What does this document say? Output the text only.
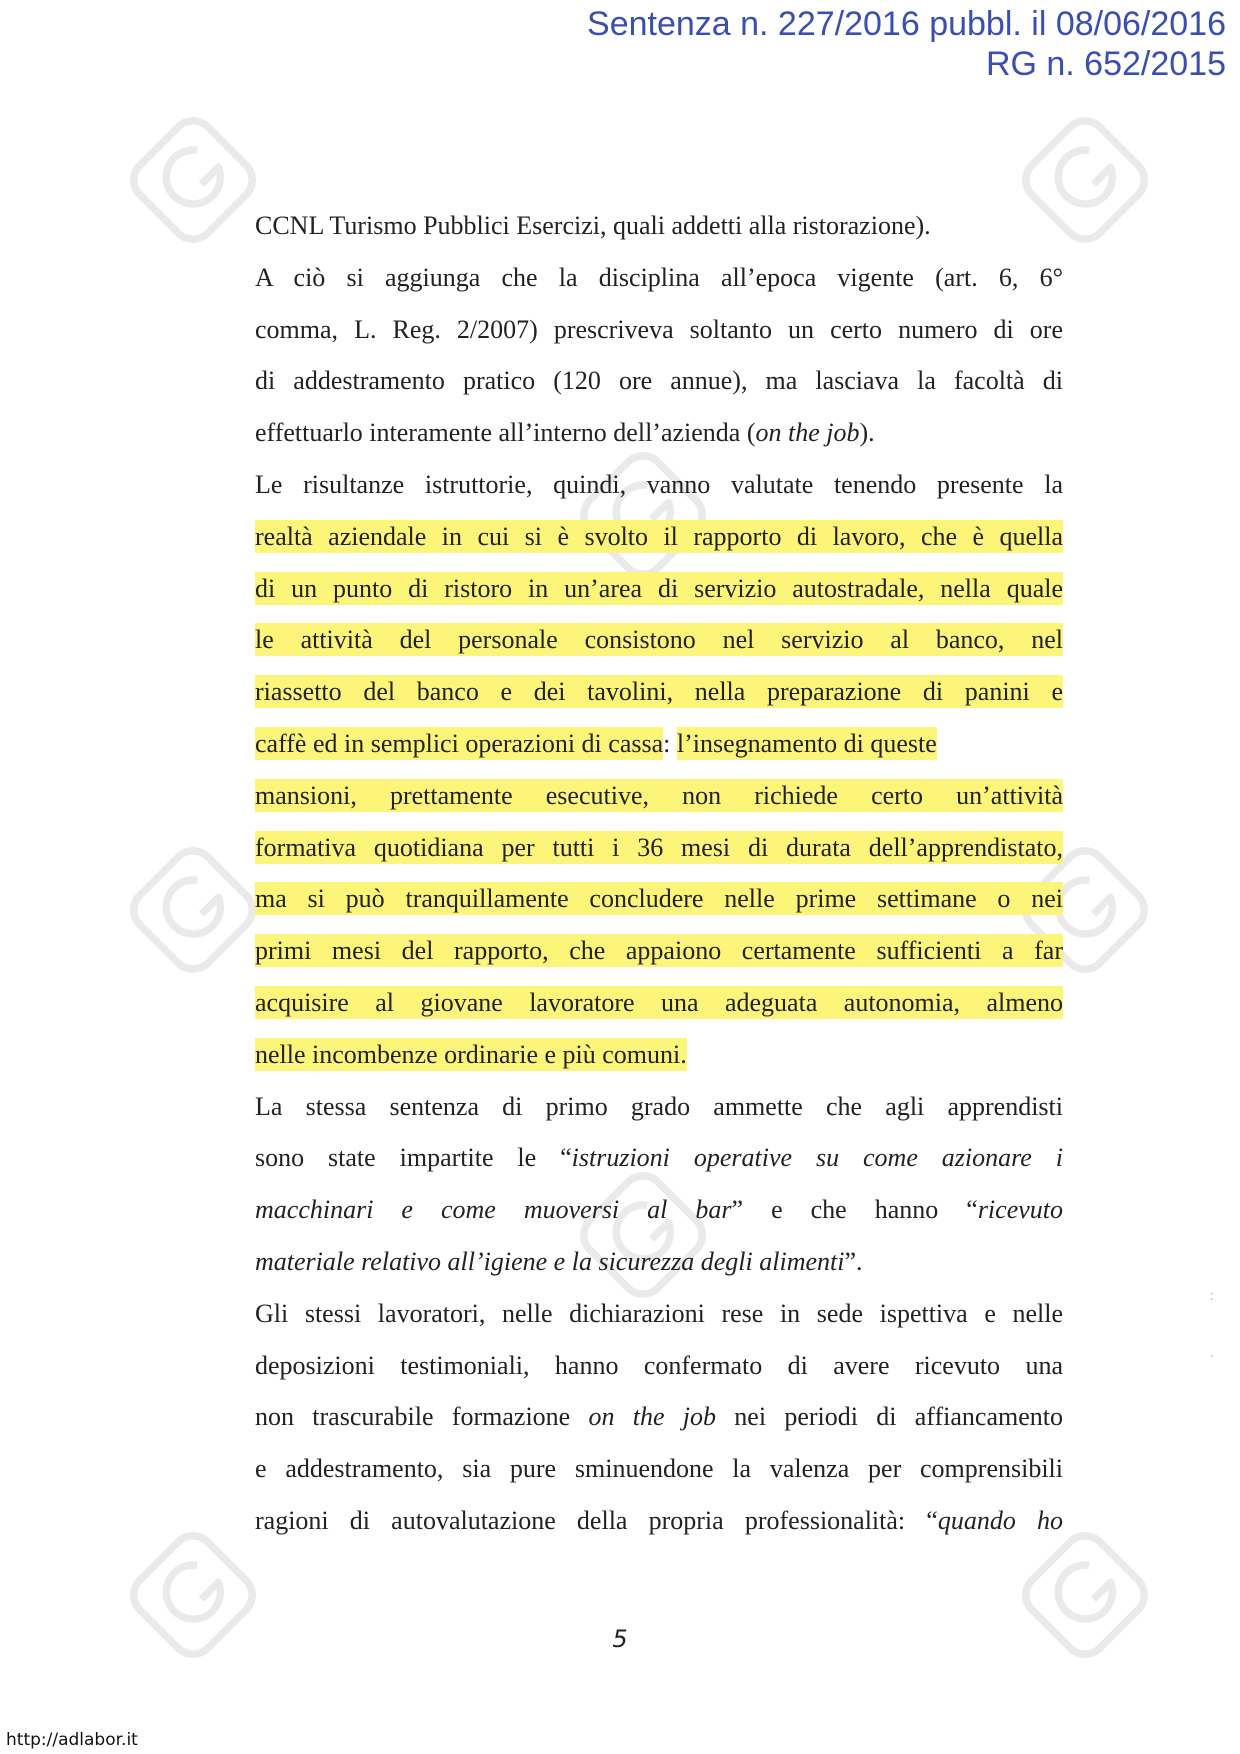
Sentenza n. 227/2016 pubbl. il 08/06/2016
RG n. 652/2015
CCNL Turismo Pubblici Esercizi, quali addetti alla ristorazione).
A ciò si aggiunga che la disciplina all’epoca vigente (art. 6, 6°
comma, L. Reg. 2/2007) prescriveva soltanto un certo numero di ore
di addestramento pratico (120 ore annue), ma lasciava la facoltà di
effettuarlo interamente all’interno dell’azienda (on the job).
Le risultanze istruttorie, quindi, vanno valutate tenendo presente la
realtà aziendale in cui si è svolto il rapporto di lavoro, che è quella
di un punto di ristoro in un’area di servizio autostradale, nella quale
le attività del personale consistono nel servizio al banco, nel
riassetto del banco e dei tavolini, nella preparazione di panini e
caffè ed in semplici operazioni di cassa: l’insegnamento di queste
mansioni, prettamente esecutive, non richiede certo un’attività
formativa quotidiana per tutti i 36 mesi di durata dell’apprendistato,
ma si può tranquillamente concludere nelle prime settimane o nei
primi mesi del rapporto, che appaiono certamente sufficienti a far
acquisire al giovane lavoratore una adeguata autonomia, almeno
nelle incombenze ordinarie e più comuni.
La stessa sentenza di primo grado ammette che agli apprendisti
sono state impartite le “istruzioni operative su come azionare i
macchinari e come muoversi al bar” e che hanno “ricevuto
materiale relativo all’igiene e la sicurezza degli alimenti”.
Gli stessi lavoratori, nelle dichiarazioni rese in sede ispettiva e nelle
deposizioni testimoniali, hanno confermato di avere ricevuto una
non trascurabile formazione on the job nei periodi di affiancamento
e addestramento, sia pure sminuendone la valenza per comprensibili
ragioni di autovalutazione della propria professionalità: “quando ho
:
.
5
http://adlabor.it
